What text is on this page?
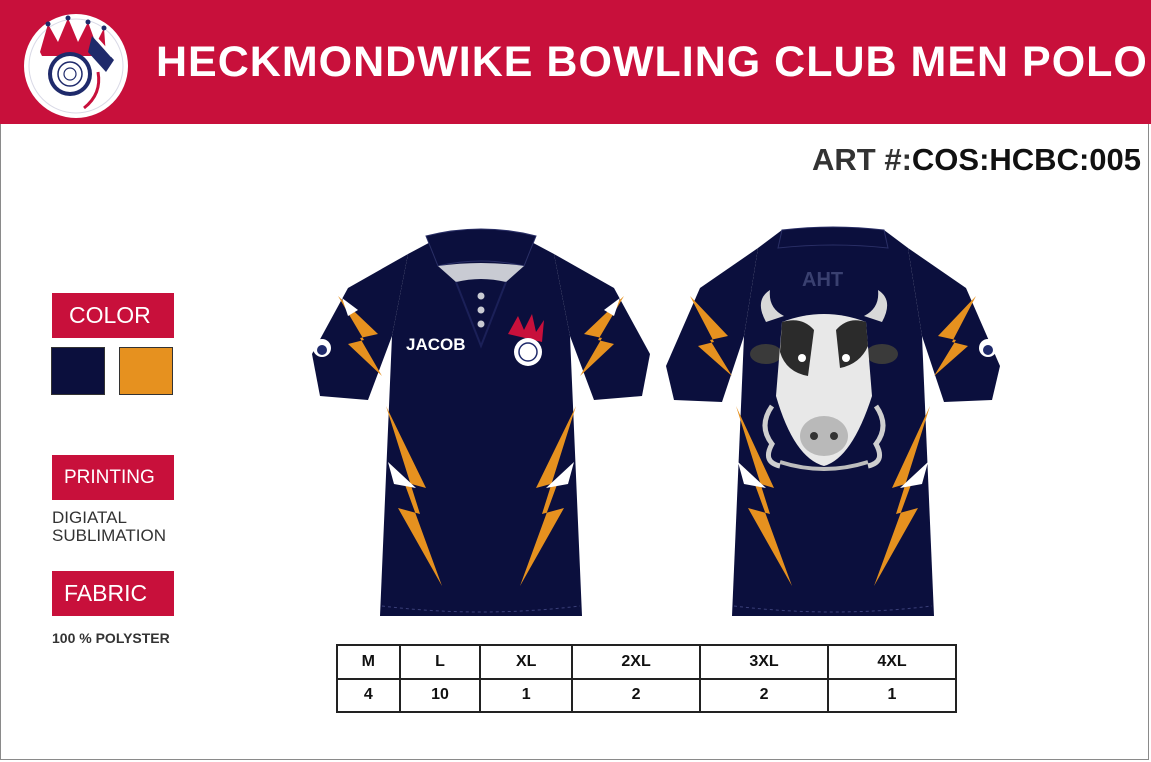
HECKMONDWIKE BOWLING CLUB MEN POLO
ART #:COS:HCBC:005
COLOR
PRINTING
DIGIATAL
SUBLIMATION
FABRIC
100 % POLYSTER
JACOB
AHT
M	L	XL	2XL	3XL	4XL
4	10	1	2	2	1
